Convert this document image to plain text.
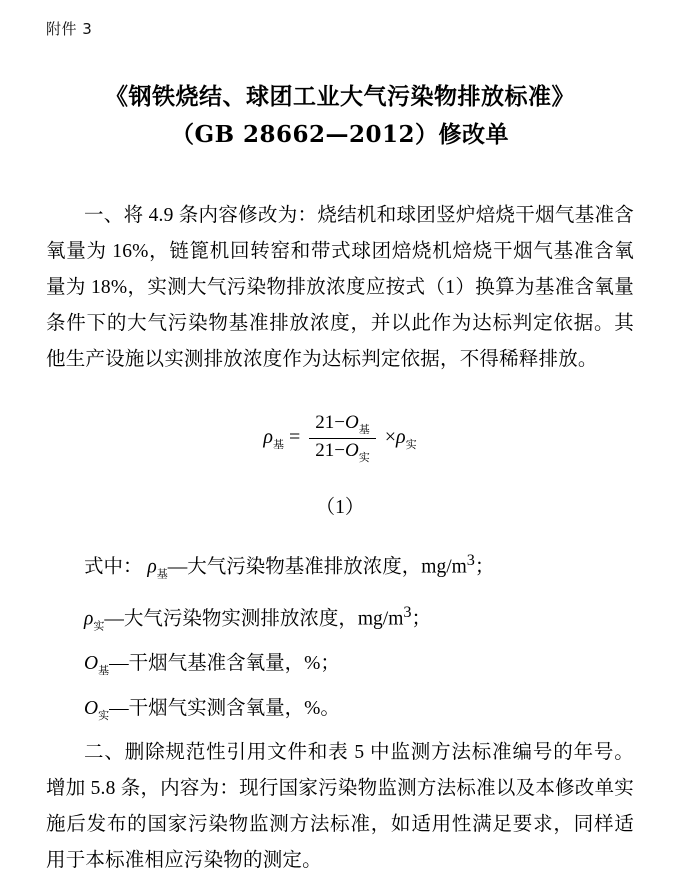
附件 3
《钢铁烧结、球团工业大气污染物排放标准》
（GB 28662—2012）修改单

一、将 4.9 条内容修改为：烧结机和球团竖炉焙烧干烟气基准含氧量为 16%，链篦机回转窑和带式球团焙烧机焙烧干烟气基准含氧量为 18%，实测大气污染物排放浓度应按式（1）换算为基准含氧量条件下的大气污染物基准排放浓度，并以此作为达标判定依据。其他生产设施以实测排放浓度作为达标判定依据，不得稀释排放。

$\rho_基 = \frac{21-O_基}{21-O_实} \times\rho_实$
（1）
式中： $\rho_基—$大气污染物基准排放浓度，$mg/m^3$；
$\rho_实—$大气污染物实测排放浓度，$mg/m^3$；
$O_基—$干烟气基准含氧量，%；
$O_实—$干烟气实测含氧量，%。

二、删除规范性引用文件和表 5 中监测方法标准编号的年号。增加 5.8 条，内容为：现行国家污染物监测方法标准以及本修改单实施后发布的国家污染物监测方法标准，如适用性满足要求，同样适用于本标准相应污染物的测定。
